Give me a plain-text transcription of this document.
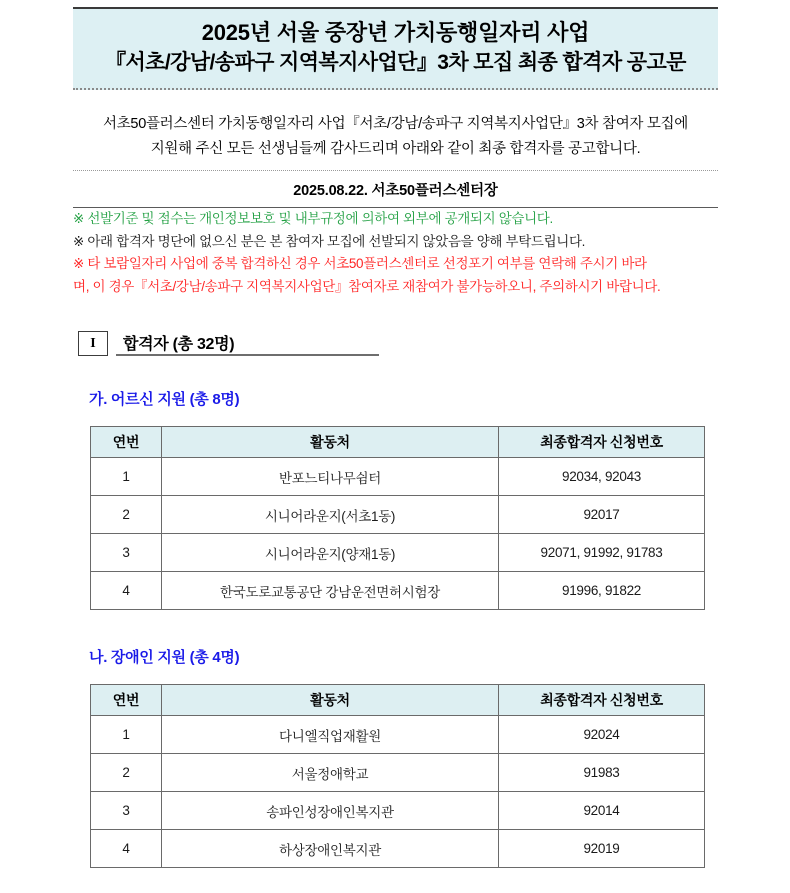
2025년 서울 중장년 가치동행일자리 사업
『서초/강남/송파구 지역복지사업단』3차 모집 최종 합격자 공고문
서초50플러스센터 가치동행일자리 사업『서초/강남/송파구 지역복지사업단』3차 참여자 모집에
지원해 주신 모든 선생님들께 감사드리며 아래와 같이 최종 합격자를 공고합니다.
2025.08.22. 서초50플러스센터장
※ 선발기준 및 점수는 개인정보보호 및 내부규정에 의하여 외부에 공개되지 않습니다.
※ 아래 합격자 명단에 없으신 분은 본 참여자 모집에 선발되지 않았음을 양해 부탁드립니다.
※ 타 보람일자리 사업에 중복 합격하신 경우 서초50플러스센터로 선정포기 여부를 연락해 주시기 바라
며, 이 경우『서초/강남/송파구 지역복지사업단』참여자로 재참여가 불가능하오니, 주의하시기 바랍니다.
I	합격자 (총 32명)
가. 어르신 지원 (총 8명)
연번	활동처	최종합격자 신청번호
1	반포느티나무쉼터	92034, 92043
2	시니어라운지(서초1동)	92017
3	시니어라운지(양재1동)	92071, 91992, 91783
4	한국도로교통공단 강남운전면허시험장	91996, 91822
나. 장애인 지원 (총 4명)
연번	활동처	최종합격자 신청번호
1	다니엘직업재활원	92024
2	서울정애학교	91983
3	송파인성장애인복지관	92014
4	하상장애인복지관	92019
